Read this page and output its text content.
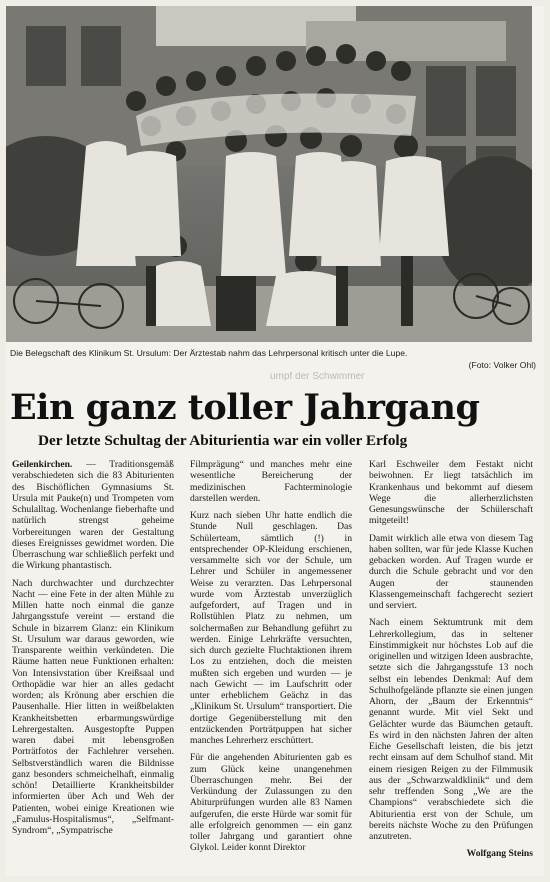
Die Belegschaft des Klinikum St. Ursulum: Der Ärztestab nahm das Lehrpersonal kritisch unter die Lupe.
(Foto: Volker Ohl)
umpf der Schwimmer
Ein ganz toller Jahrgang
Der letzte Schultag der Abiturientia war ein voller Erfolg

Geilenkirchen. — Traditionsgemäß verabschiedeten sich die 83 Abiturienten des Bischöflichen Gymnasiums St. Ursula mit Pauke(n) und Trompeten vom Schulalltag. Wochenlange fieberhafte und natürlich strengst geheime Vorbereitungen waren der Gestaltung dieses Ereignisses gewidmet worden. Die Überraschung war schließlich perfekt und die Wirkung phantastisch.

Nach durchwachter und durchzechter Nacht — eine Fete in der alten Mühle zu Millen hatte noch einmal die ganze Jahrgangsstufe vereint — erstand die Schule in bizarrem Glanz: ein Klinikum St. Ursulum war daraus geworden, wie Transparente weithin verkündeten. Die Räume hatten neue Funktionen erhalten: Von Intensivstation über Kreißsaal und Orthopädie war hier an alles gedacht worden; als Krönung aber erschien die Pausenhalle. Hier litten in weißbelakten Krankheitsbetten erbarmungswürdige Lehrergestalten. Ausgestopfte Puppen waren dabei mit lebensgroßen Porträtfotos der Fachlehrer versehen. Selbstverständlich waren die Bildnisse ganz besonders schmeichelhaft, einmalig schön! Detaillierte Krankheitsbilder informierten über Ach und Weh der Patienten, wobei einige Kreationen wie „Famulus-Hospitalismus“, „Selfmant-Syndrom“, „Sympatrische

Filmprägung“ und manches mehr eine wesentliche Bereicherung der medizinischen Fachterminologie darstellen werden.

Kurz nach sieben Uhr hatte endlich die Stunde Null geschlagen. Das Schülerteam, sämtlich (!) in entsprechender OP-Kleidung erschienen, versammelte sich vor der Schule, um Lehrer und Schüler in angemessener Weise zu verarzten. Das Lehrpersonal wurde vom Ärztestab unverzüglich aufgefordert, auf Tragen und in Rollstühlen Platz zu nehmen, um solchermaßen zur Behandlung geführt zu werden. Einige Lehrkräfte versuchten, sich durch gezielte Fluchtaktionen ihrem Los zu entziehen, doch die meisten mußten sich ergeben und wurden — je nach Gewicht — im Laufschritt oder unter erheblichem Geächz in das „Klinikum St. Ursulum“ transportiert. Die dortige Gegenüberstellung mit den entzückenden Porträtpuppen hat sicher manches Lehrerherz erschüttert.

Für die angehenden Abiturienten gab es zum Glück keine unangenehmen Überraschungen mehr. Bei der Verkündung der Zulassungen zu den Abiturprüfungen wurden alle 83 Namen aufgerufen, die erste Hürde war somit für alle erfolgreich genommen — ein ganz toller Jahrgang und garantiert ohne Glykol. Leider konnt Direktor

Karl Eschweiler dem Festakt nicht beiwohnen. Er liegt tatsächlich im Krankenhaus und bekommt auf diesem Wege die allerherzlichsten Genesungswünsche der Schülerschaft mitgeteilt!

Damit wirklich alle etwa von diesem Tag haben sollten, war für jede Klasse Kuchen gebacken worden. Auf Tragen wurde er durch die Schule gebracht und vor den Augen der staunenden Klassengemeinschaft fachgerecht seziert und serviert.

Nach einem Sektumtrunk mit dem Lehrerkollegium, das in seltener Einstimmigkeit nur höchstes Lob auf die originellen und witzigen Ideen ausbrachte, setzte sich die Jahrgangsstufe 13 noch selbst ein lebendes Denkmal: Auf dem Schulhofgelände pflanzte sie einen jungen Ahorn, der „Baum der Erkenntnis“ genannt wurde. Mit viel Sekt und Gelächter wurde das Bäumchen getauft. Es wird in den nächsten Jahren der alten Eiche Gesellschaft leisten, die bis jetzt recht einsam auf dem Schulhof stand. Mit einem riesigen Reigen zu der Filmmusik aus der „Schwarzwaldklinik“ und dem sehr treffenden Song „We are the Champions“ verabschiedete sich die Abiturientia erst von der Schule, um bereits nächste Woche zu den Prüfungen anzutreten.

Wolfgang Steins
